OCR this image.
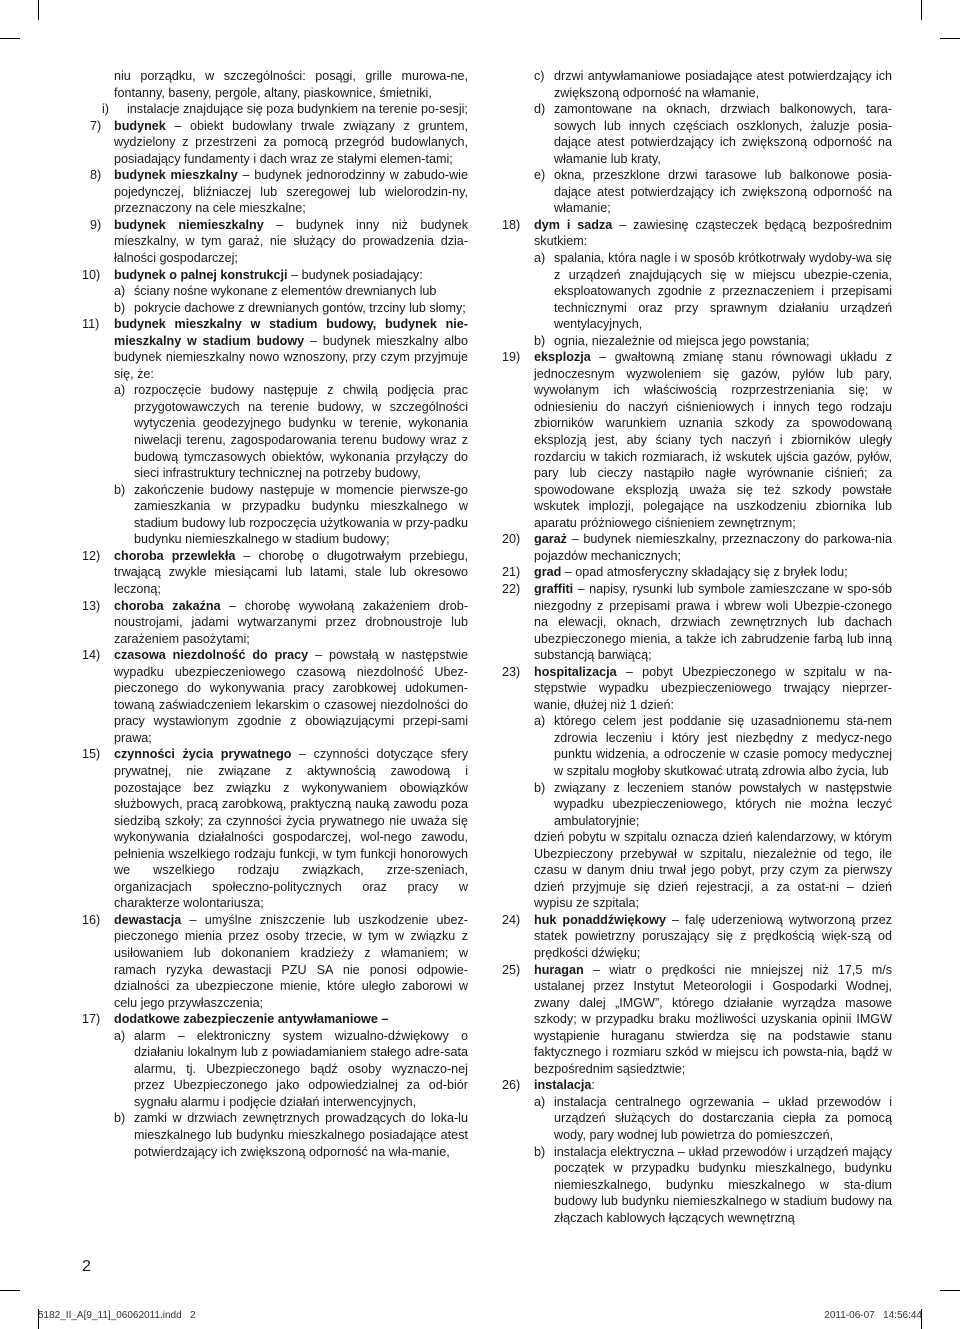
niu porządku, w szczególności: posągi, grille murowa-ne, fontanny, baseny, pergole, altany, piaskownice, śmietniki,
i)	instalacje znajdujące się poza budynkiem na terenie po-sesji;
7) budynek – obiekt budowlany trwale związany z gruntem, wydzielony z przestrzeni za pomocą przegród budowlanych, posiadający fundamenty i dach wraz ze stałymi elemen-tami;
8) budynek mieszkalny – budynek jednorodzinny w zabudo-wie pojedynczej, bliźniaczej lub szeregowej lub wielorodzin-ny, przeznaczony na cele mieszkalne;
9) budynek niemieszkalny – budynek inny niż budynek mieszkalny, w tym garaż, nie służący do prowadzenia dzia-łalności gospodarczej;
10) budynek o palnej konstrukcji – budynek posiadający:
a) ściany nośne wykonane z elementów drewnianych lub
b) pokrycie dachowe z drewnianych gontów, trzciny lub słomy;
11) budynek mieszkalny w stadium budowy, budynek nie-mieszkalny w stadium budowy – budynek mieszkalny albo budynek niemieszkalny nowo wznoszony, przy czym przyjmuje się, że:
a) rozpoczęcie budowy następuje z chwilą podjęcia prac przygotowawczych na terenie budowy, w szczególności wytyczenia geodezyjnego budynku w terenie, wykonania niwelacji terenu, zagospodarowania terenu budowy wraz z budową tymczasowych obiektów, wykonania przyłączy do sieci infrastruktury technicznej na potrzeby budowy,
b) zakończenie budowy następuje w momencie pierwsze-go zamieszkania w przypadku budynku mieszkalnego w stadium budowy lub rozpoczęcia użytkowania w przy-padku budynku niemieszkalnego w stadium budowy;
12) choroba przewlekła – chorobę o długotrwałym przebiegu, trwającą zwykle miesiącami lub latami, stale lub okresowo leczoną;
13) choroba zakaźna – chorobę wywołaną zakażeniem drob-noustrojami, jadami wytwarzanymi przez drobnoustroje lub zarażeniem pasożytami;
14) czasowa niezdolność do pracy – powstałą w następstwie wypadku ubezpieczeniowego czasową niezdolność Ubez-pieczonego do wykonywania pracy zarobkowej udokumen-towaną zaświadczeniem lekarskim o czasowej niezdolności do pracy wystawionym zgodnie z obowiązującymi przepi-sami prawa;
15) czynności życia prywatnego – czynności dotyczące sfery prywatnej, nie związane z aktywnością zawodową i pozostające bez związku z wykonywaniem obowiązków służbowych, pracą zarobkową, praktyczną nauką zawodu poza siedzibą szkoły; za czynności życia prywatnego nie uważa się wykonywania działalności gospodarczej, wol-nego zawodu, pełnienia wszelkiego rodzaju funkcji, w tym funkcji honorowych we wszelkiego rodzaju związkach, zrze-szeniach, organizacjach społeczno-politycznych oraz pracy w charakterze wolontariusza;
16) dewastacja – umyślne zniszczenie lub uszkodzenie ubez-pieczonego mienia przez osoby trzecie, w tym w związku z usiłowaniem lub dokonaniem kradzieży z włamaniem; w ramach ryzyka dewastacji PZU SA nie ponosi odpowie-dzialności za ubezpieczone mienie, które uległo zaborowi w celu jego przywłaszczenia;
17) dodatkowe zabezpieczenie antywłamaniowe –
a) alarm – elektroniczny system wizualno-dźwiękowy o działaniu lokalnym lub z powiadamianiem stałego adre-sata alarmu, tj. Ubezpieczonego bądź osoby wyznaczo-nej przez Ubezpieczonego jako odpowiedzialnej za od-biór sygnału alarmu i podjęcie działań interwencyjnych,
b) zamki w drzwiach zewnętrznych prowadzących do loka-lu mieszkalnego lub budynku mieszkalnego posiadające atest potwierdzający ich zwiększoną odporność na wła-manie,
c) drzwi antywłamaniowe posiadające atest potwierdzający ich zwiększoną odporność na włamanie,
d) zamontowane na oknach, drzwiach balkonowych, tara-sowych lub innych częściach oszklonych, żaluzje posia-dające atest potwierdzający ich zwiększoną odporność na włamanie lub kraty,
e) okna, przeszklone drzwi tarasowe lub balkonowe posia-dające atest potwierdzający ich zwiększoną odporność na włamanie;
18) dym i sadza – zawiesinę cząsteczek będącą bezpośrednim skutkiem:
a) spalania, która nagle i w sposób krótkotrwały wydoby-wa się z urządzeń znajdujących się w miejscu ubezpie-czenia, eksploatowanych zgodnie z przeznaczeniem i przepisami technicznymi oraz przy sprawnym działaniu urządzeń wentylacyjnych,
b) ognia, niezależnie od miejsca jego powstania;
19) eksplozja – gwałtowną zmianę stanu równowagi układu z jednoczesnym wyzwoleniem się gazów, pyłów lub pary, wywołanym ich właściwością rozprzestrzeniania się; w odniesieniu do naczyń ciśnieniowych i innych tego rodzaju zbiorników warunkiem uznania szkody za spowodowaną eksplozją jest, aby ściany tych naczyń i zbiorników uległy rozdarciu w takich rozmiarach, iż wskutek ujścia gazów, pyłów, pary lub cieczy nastąpiło nagłe wyrównanie ciśnień; za spowodowane eksplozją uważa się też szkody powstałe wskutek implozji, polegające na uszkodzeniu zbiornika lub aparatu próżniowego ciśnieniem zewnętrznym;
20) garaż – budynek niemieszkalny, przeznaczony do parkowa-nia pojazdów mechanicznych;
21) grad – opad atmosferyczny składający się z bryłek lodu;
22) graffiti – napisy, rysunki lub symbole zamieszczane w spo-sób niezgodny z przepisami prawa i wbrew woli Ubezpie-czonego na elewacji, oknach, drzwiach zewnętrznych lub dachach ubezpieczonego mienia, a także ich zabrudzenie farbą lub inną substancją barwiącą;
23) hospitalizacja – pobyt Ubezpieczonego w szpitalu w na-stępstwie wypadku ubezpieczeniowego trwający nieprzer-wanie, dłużej niż 1 dzień:
a) którego celem jest poddanie się uzasadnionemu sta-nem zdrowia leczeniu i który jest niezbędny z medycz-nego punktu widzenia, a odroczenie w czasie pomocy medycznej w szpitalu mogłoby skutkować utratą zdrowia albo życia, lub
b) związany z leczeniem stanów powstałych w następstwie wypadku ubezpieczeniowego, których nie można leczyć ambulatoryjnie;
dzień pobytu w szpitalu oznacza dzień kalendarzowy, w którym Ubezpieczony przebywał w szpitalu, niezależnie od tego, ile czasu w danym dniu trwał jego pobyt, przy czym za pierwszy dzień przyjmuje się dzień rejestracji, a za ostat-ni – dzień wypisu ze szpitala;
24) huk ponaddźwiękowy – falę uderzeniową wytworzoną przez statek powietrzny poruszający się z prędkością więk-szą od prędkości dźwięku;
25) huragan – wiatr o prędkości nie mniejszej niż 17,5 m/s ustalanej przez Instytut Meteorologii i Gospodarki Wodnej, zwany dalej „IMGW”, którego działanie wyrządza masowe szkody; w przypadku braku możliwości uzyskania opinii IMGW wystąpienie huraganu stwierdza się na podstawie stanu faktycznego i rozmiaru szkód w miejscu ich powsta-nia, bądź w bezpośrednim sąsiedztwie;
26) instalacja:
a) instalacja centralnego ogrzewania – układ przewodów i urządzeń służących do dostarczania ciepła za pomocą wody, pary wodnej lub powietrza do pomieszczeń,
b) instalacja elektryczna – układ przewodów i urządzeń mający początek w przypadku budynku mieszkalnego, budynku niemieszkalnego, budynku mieszkalnego w sta-dium budowy lub budynku niemieszkalnego w stadium budowy na złączach kablowych łączących wewnętrzną
2
5182_II_A[9_11]_06062011.indd 2	2011-06-07 14:56:44
